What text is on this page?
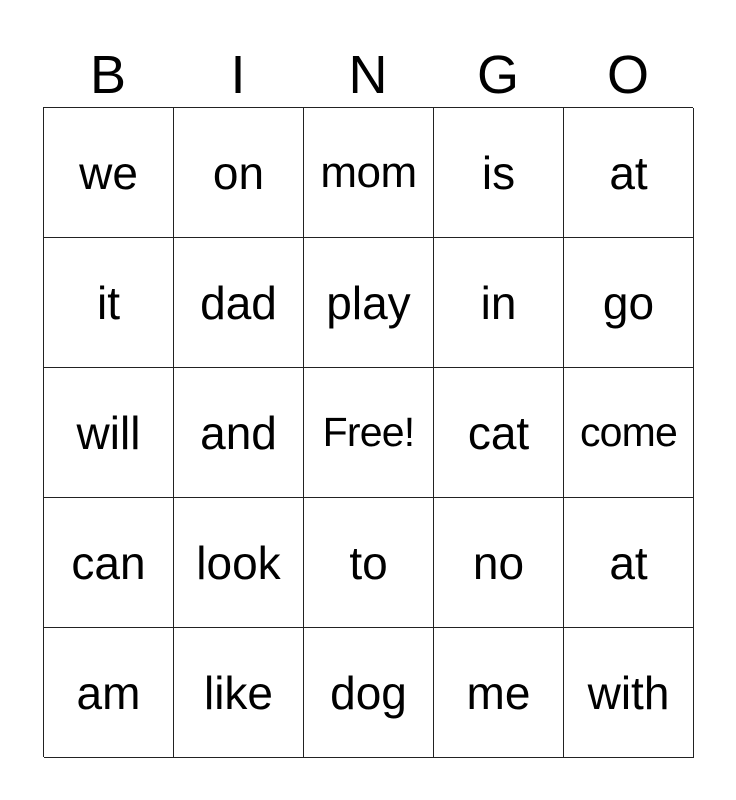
B	I	N	G	O
we	on	mom	is	at
it	dad	play	in	go
will	and	Free!	cat	come
can	look	to	no	at
am	like	dog	me	with
